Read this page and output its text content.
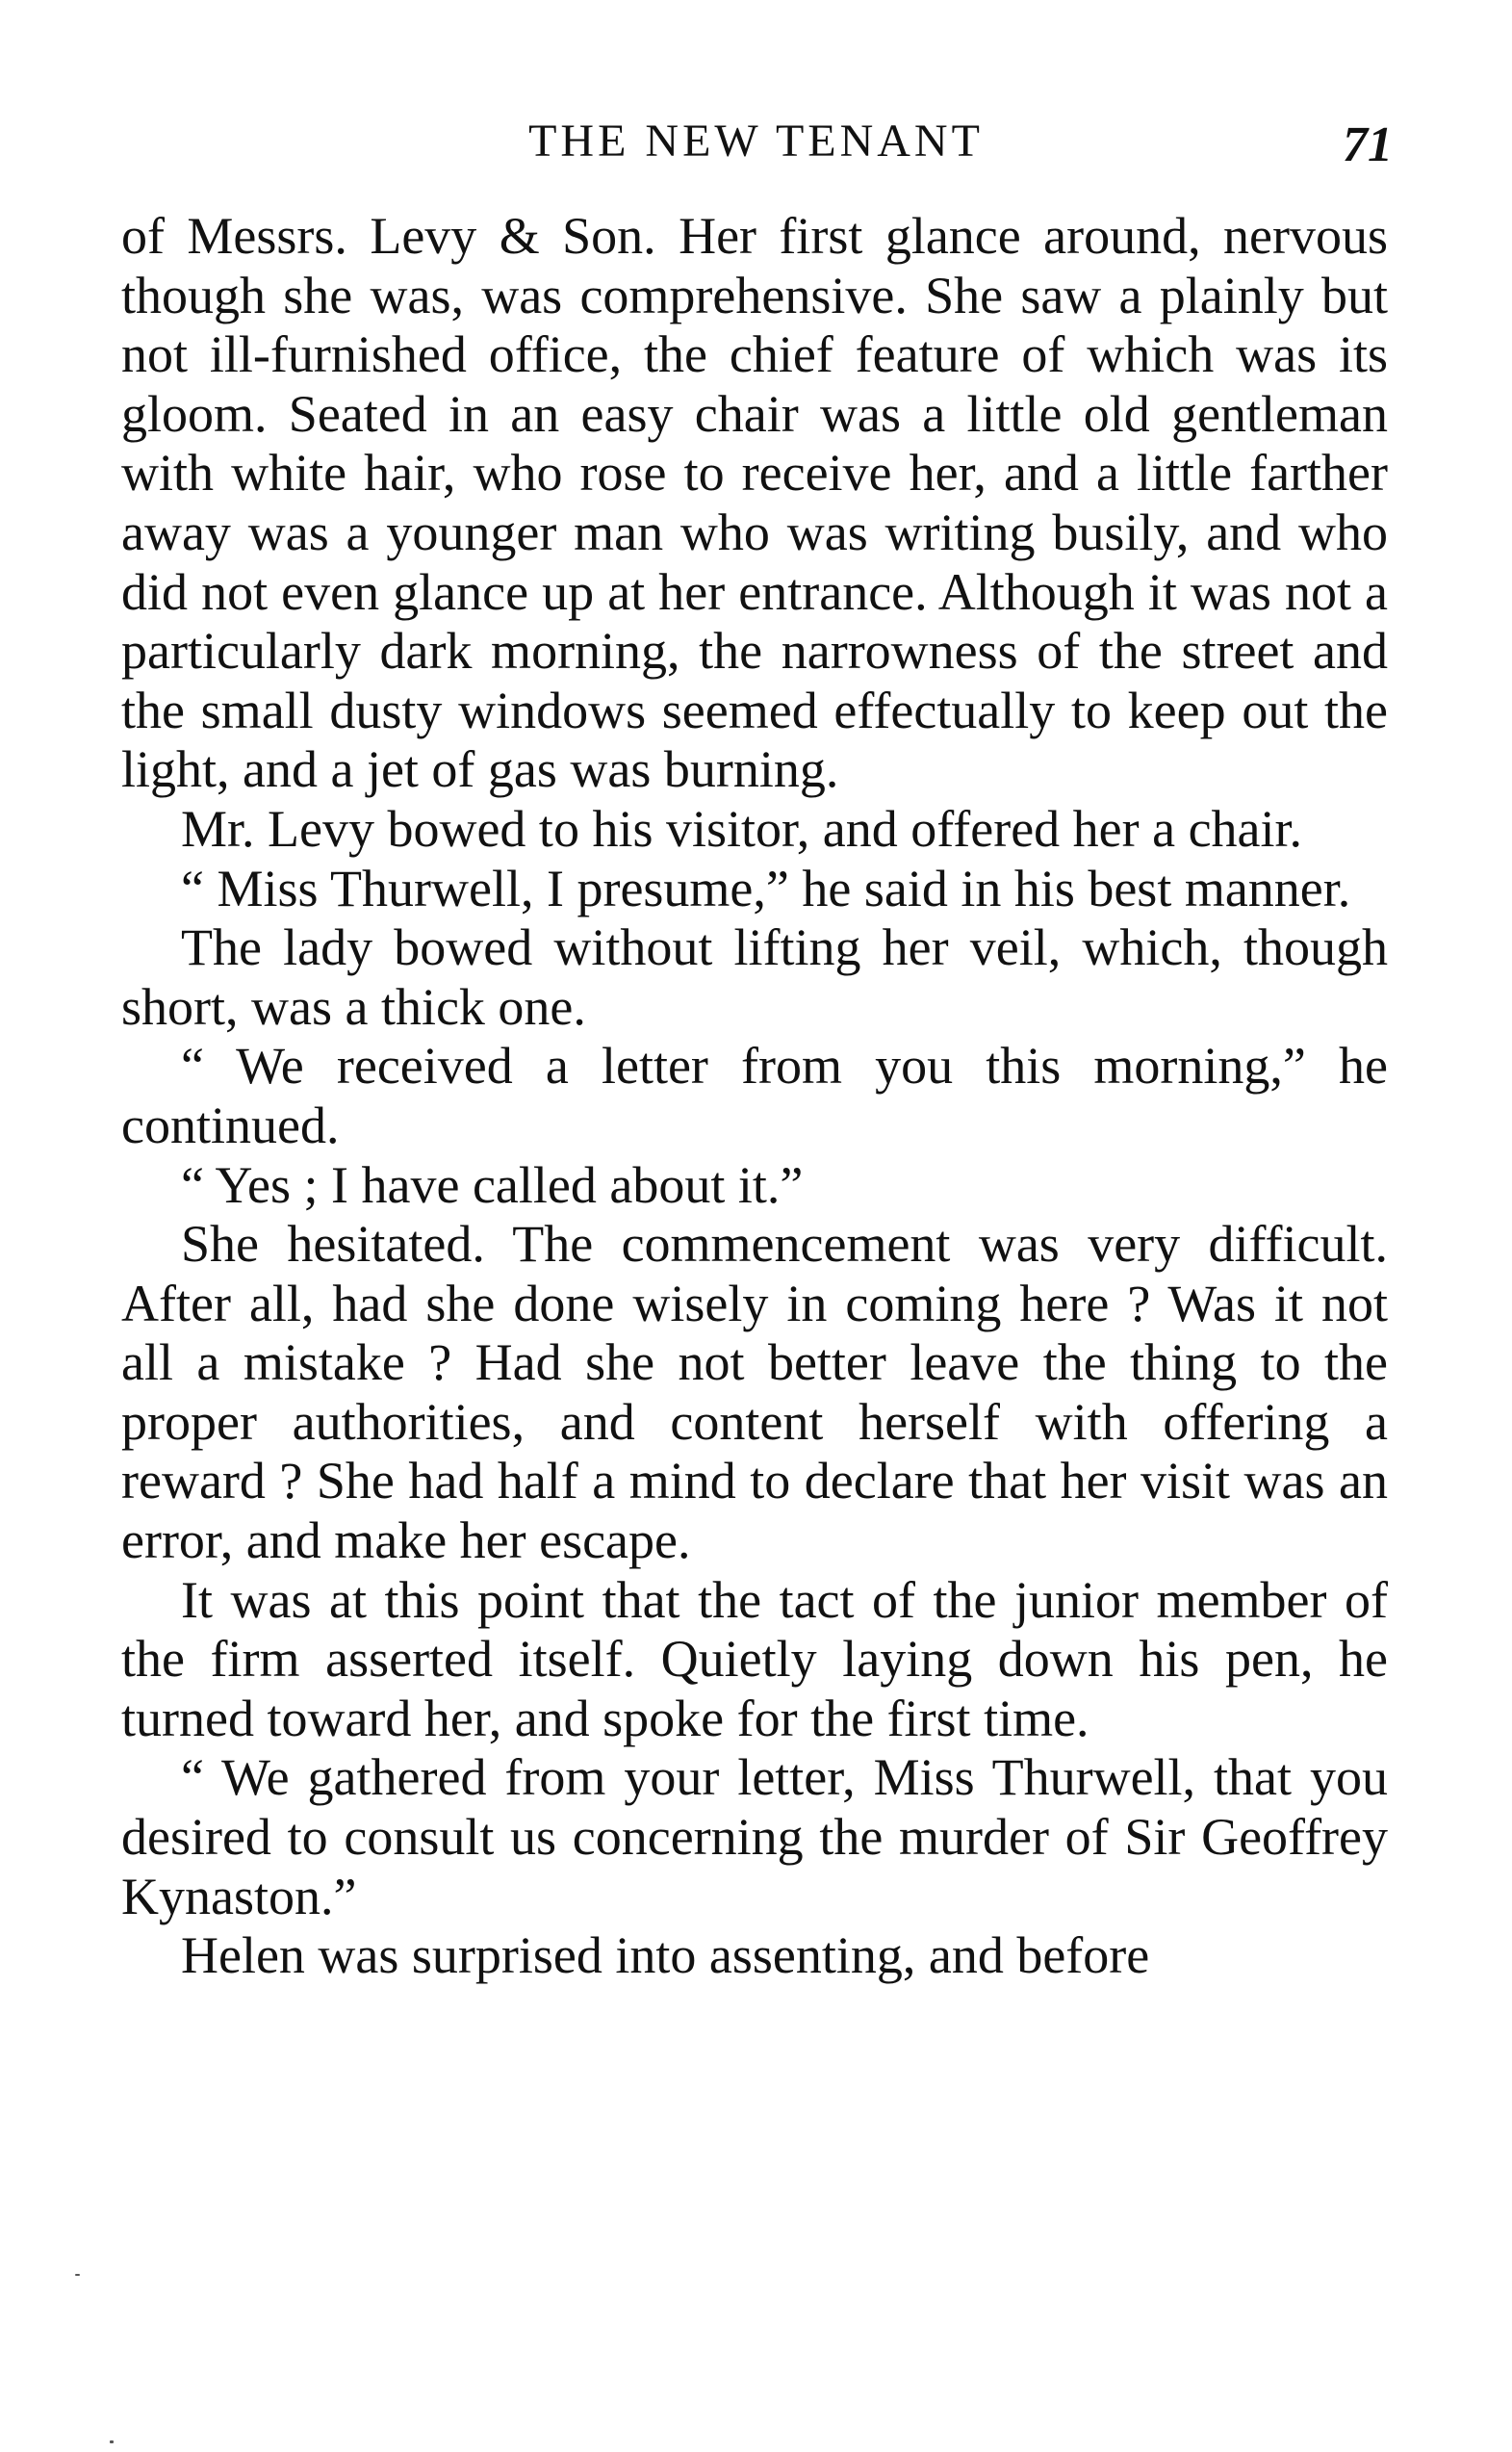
THE NEW TENANT	71

of Messrs. Levy & Son. Her first glance around, nervous though she was, was comprehensive. She saw a plainly but not ill-furnished office, the chief feature of which was its gloom. Seated in an easy chair was a little old gentleman with white hair, who rose to receive her, and a little farther away was a younger man who was writing busily, and who did not even glance up at her entrance. Although it was not a particularly dark morning, the narrowness of the street and the small dusty windows seemed effectually to keep out the light, and a jet of gas was burning.

Mr. Levy bowed to his visitor, and offered her a chair.

“ Miss Thurwell, I presume,” he said in his best manner.

The lady bowed without lifting her veil, which, though short, was a thick one.

“ We received a letter from you this morning,” he continued.

“ Yes ; I have called about it.”

She hesitated. The commencement was very difficult. After all, had she done wisely in coming here ? Was it not all a mistake ? Had she not better leave the thing to the proper authorities, and content herself with offering a reward ? She had half a mind to declare that her visit was an error, and make her escape.

It was at this point that the tact of the junior member of the firm asserted itself. Quietly laying down his pen, he turned toward her, and spoke for the first time.

“ We gathered from your letter, Miss Thurwell, that you desired to consult us concerning the murder of Sir Geoffrey Kynaston.”

Helen was surprised into assenting, and before
